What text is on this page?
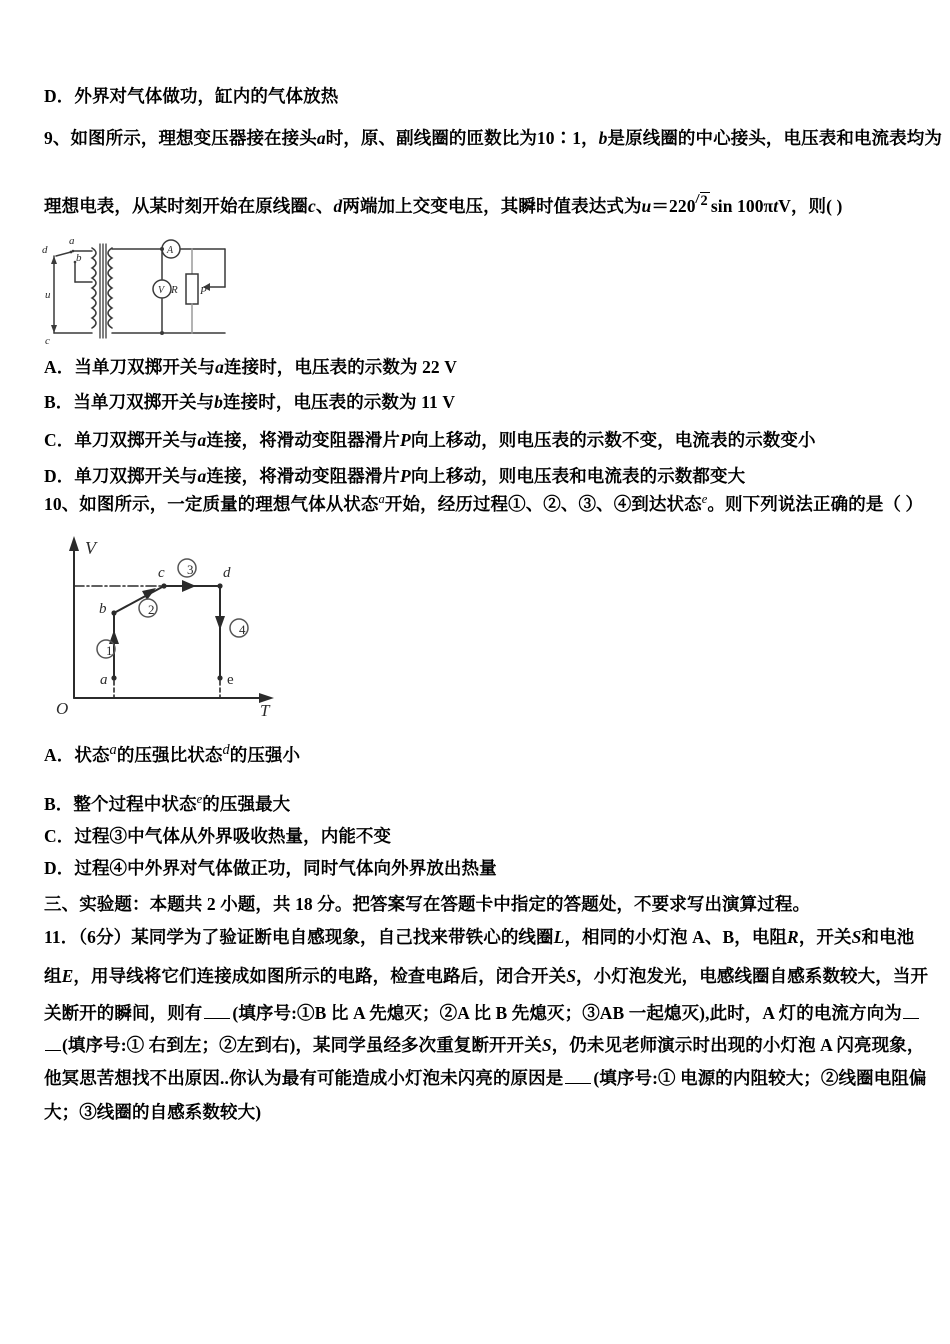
D．外界对气体做功，缸内的气体放热
9、如图所示，理想变压器接在接头a时，原、副线圈的匝数比为10∶1，b是原线圈的中心接头，电压表和电流表均为
理想电表，从某时刻开始在原线圈c、d两端加上交变电压，其瞬时值表达式为u＝220 2 sin 100πtV，则( )
d
a
b
u
c
A
V R P
A．当单刀双掷开关与a连接时，电压表的示数为 22 V
B．当单刀双掷开关与b连接时，电压表的示数为 11 V
C．单刀双掷开关与a连接，将滑动变阻器滑片P向上移动，则电压表的示数不变，电流表的示数变小
D．单刀双掷开关与a连接，将滑动变阻器滑片P向上移动，则电压表和电流表的示数都变大
10、如图所示，一定质量的理想气体从状态$^a$开始，经历过程①、②、③、④到达状态$^e$。则下列说法正确的是（ ）
V
T
O
a
b
c	d
e
1
2
3
4
A．状态$^a$的压强比状态$^d$的压强小
B．整个过程中状态$^e$的压强最大
C．过程③中气体从外界吸收热量，内能不变
D．过程④中外界对气体做正功，同时气体向外界放出热量
三、实验题：本题共 2 小题，共 18 分。把答案写在答题卡中指定的答题处，不要求写出演算过程。
11．（6分）某同学为了验证断电自感现象，自己找来带铁心的线圈L，相同的小灯泡 A、B，电阻R，开关S和电池
组E，用导线将它们连接成如图所示的电路，检查电路后，闭合开关S，小灯泡发光，电感线圈自感系数较大，当开
关断开的瞬间，则有 (填序号:①B 比 A 先熄灭；②A 比 B 先熄灭；③AB 一起熄灭),此时，A 灯的电流方向为
(填序号:① 右到左；②左到右)，某同学虽经多次重复断开开关S，仍未见老师演示时出现的小灯泡 A 闪亮现象，
他冥思苦想找不出原因..你认为最有可能造成小灯泡未闪亮的原因是 (填序号:① 电源的内阻较大；②线圈电阻偏
大；③线圈的自感系数较大)
